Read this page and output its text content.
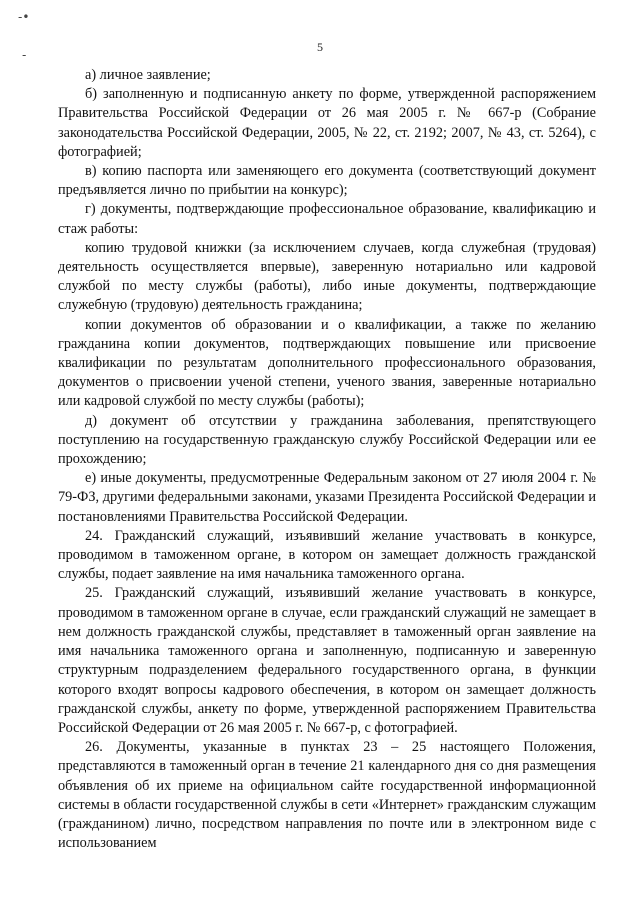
-•
-
5

а) личное заявление;

б) заполненную и подписанную анкету по форме, утвержденной распоряжением Правительства Российской Федерации от 26 мая 2005 г. № 667-р (Собрание законодательства Российской Федерации, 2005, № 22, ст. 2192; 2007, № 43, ст. 5264), с фотографией;

в) копию паспорта или заменяющего его документа (соответствующий документ предъявляется лично по прибытии на конкурс);

г) документы, подтверждающие профессиональное образование, квалификацию и стаж работы:

копию трудовой книжки (за исключением случаев, когда служебная (трудовая) деятельность осуществляется впервые), заверенную нотариально или кадровой службой по месту службы (работы), либо иные документы, подтверждающие служебную (трудовую) деятельность гражданина;

копии документов об образовании и о квалификации, а также по желанию гражданина копии документов, подтверждающих повышение или присвоение квалификации по результатам дополнительного профессионального образования, документов о присвоении ученой степени, ученого звания, заверенные нотариально или кадровой службой по месту службы (работы);

д) документ об отсутствии у гражданина заболевания, препятствующего поступлению на государственную гражданскую службу Российской Федерации или ее прохождению;

е) иные документы, предусмотренные Федеральным законом от 27 июля 2004 г. № 79-ФЗ, другими федеральными законами, указами Президента Российской Федерации и постановлениями Правительства Российской Федерации.

24. Гражданский служащий, изъявивший желание участвовать в конкурсе, проводимом в таможенном органе, в котором он замещает должность гражданской службы, подает заявление на имя начальника таможенного органа.

25. Гражданский служащий, изъявивший желание участвовать в конкурсе, проводимом в таможенном органе в случае, если гражданский служащий не замещает в нем должность гражданской службы, представляет в таможенный орган заявление на имя начальника таможенного органа и заполненную, подписанную и заверенную структурным подразделением федерального государственного органа, в функции которого входят вопросы кадрового обеспечения, в котором он замещает должность гражданской службы, анкету по форме, утвержденной распоряжением Правительства Российской Федерации от 26 мая 2005 г. № 667-р, с фотографией.

26. Документы, указанные в пунктах 23 – 25 настоящего Положения, представляются в таможенный орган в течение 21 календарного дня со дня размещения объявления об их приеме на официальном сайте государственной информационной системы в области государственной службы в сети «Интернет» гражданским служащим (гражданином) лично, посредством направления по почте или в электронном виде с использованием
